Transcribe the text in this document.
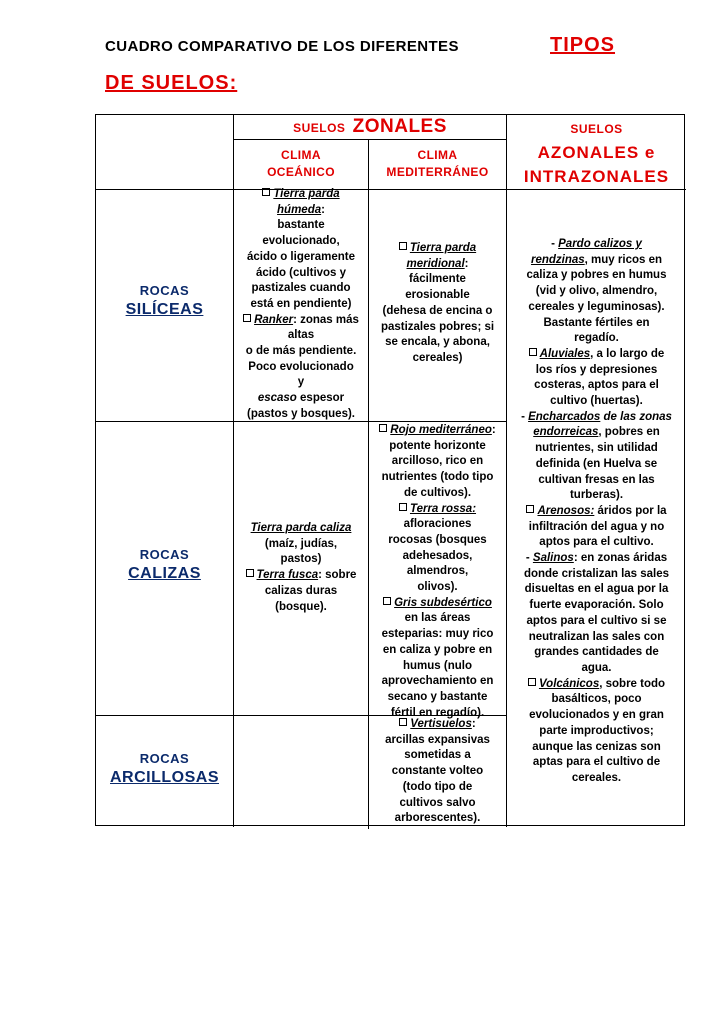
CUADRO COMPARATIVO DE LOS DIFERENTES	TIPOS
DE SUELOS:
SUELOS ZONALES

CLIMA

OCEÁNICO

CLIMA

MEDITERRÁNEO

SUELOS

AZONALES e

INTRAZONALES

ROCAS
SILÍCEAS
ROCAS
CALIZAS
ROCAS
ARCILLOSAS

Tierra parda

húmeda:

bastante

evolucionado,

ácido o ligeramente

ácido (cultivos y

pastizales cuando

está en pendiente)

Ranker: zonas más

altas

o de más pendiente.

Poco evolucionado

y

escaso espesor

(pastos y bosques).

Tierra parda

meridional:

fácilmente

erosionable

(dehesa de encina o

pastizales pobres; si

se encala, y abona,

cereales)

Tierra parda caliza

(maíz, judías,

pastos)

Terra fusca: sobre

calizas duras

(bosque).

Rojo mediterráneo:

potente horizonte

arcilloso, rico en

nutrientes (todo tipo

de cultivos).

Terra rossa:

afloraciones

rocosas (bosques

adehesados,

almendros,

olivos).

Gris subdesértico

en las áreas

esteparias: muy rico

en caliza y pobre en

humus (nulo

aprovechamiento en

secano y bastante

fértil en regadío).

Vertisuelos:

arcillas expansivas

sometidas a

constante volteo

(todo tipo de

cultivos salvo

arborescentes).

- Pardo calizos y

rendzinas, muy ricos en

caliza y pobres en humus

(vid y olivo, almendro,

cereales y leguminosas).

Bastante fértiles en

regadío.

Aluviales, a lo largo de

los ríos y depresiones

costeras, aptos para el

cultivo (huertas).

- Encharcados de las zonas

endorreicas, pobres en

nutrientes, sin utilidad

definida (en Huelva se

cultivan fresas en las

turberas).

Arenosos: áridos por la

infiltración del agua y no

aptos para el cultivo.

- Salinos: en zonas áridas

donde cristalizan las sales

disueltas en el agua por la

fuerte evaporación. Solo

aptos para el cultivo si se

neutralizan las sales con

grandes cantidades de

agua.

Volcánicos, sobre todo

basálticos, poco

evolucionados y en gran

parte improductivos;

aunque las cenizas son

aptas para el cultivo de

cereales.
